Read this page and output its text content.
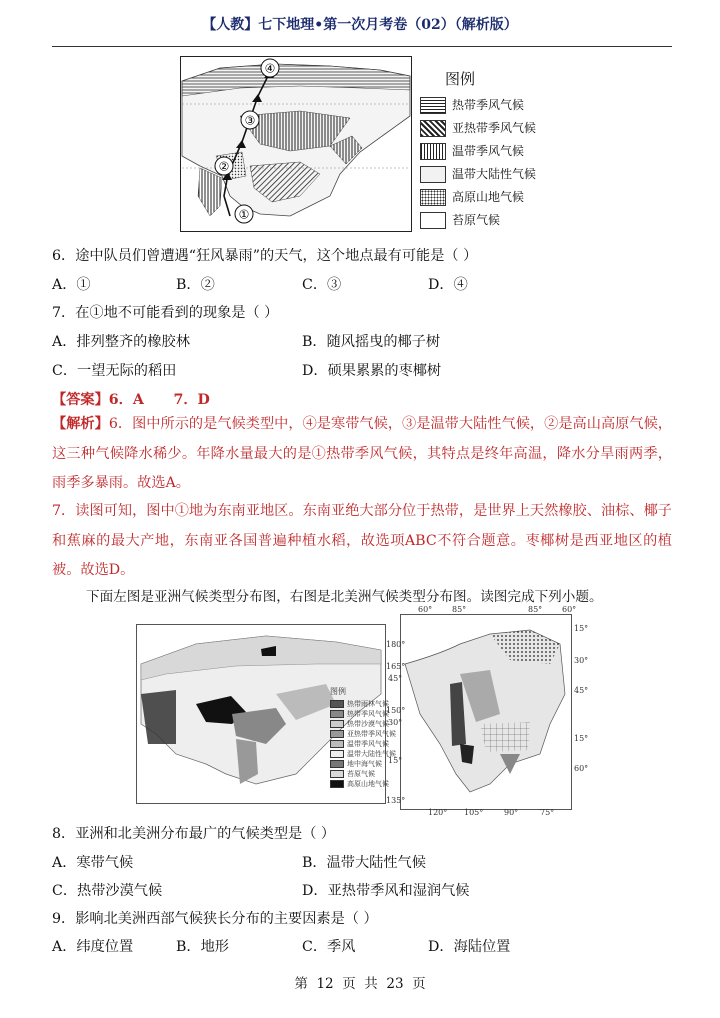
【人教】七下地理•第一次月考卷（02）（解析版）
④
③
②
①
图例
热带季风气候
亚热带季风气候
温带季风气候
温带大陆性气候
高原山地气候
苔原气候
6．途中队员们曾遭遇“狂风暴雨”的天气，这个地点最有可能是（ ）
A．①	B．②	C．③	D．④
7．在①地不可能看到的现象是（ ）
A．排列整齐的橡胶林	B．随风摇曳的椰子树
C．一望无际的稻田	D．硕果累累的枣椰树
【答案】6．A      7．D
【解析】6．图中所示的是气候类型中，④是寒带气候，③是温带大陆性气候，②是高山高原气候，这三种气候降水稀少。年降水量最大的是①热带季风气候，其特点是终年高温，降水分旱雨两季，雨季多暴雨。故选A。
7．读图可知，图中①地为东南亚地区。东南亚绝大部分位于热带，是世界上天然橡胶、油棕、椰子和蕉麻的最大产地，东南亚各国普遍种植水稻，故选项ABC不符合题意。枣椰树是西亚地区的植被。故选D。
下面左图是亚洲气候类型分布图，右图是北美洲气候类型分布图。读图完成下列小题。
图例
热带雨林气候
热带季风气候
热带沙漠气候
亚热带季风气候
温带季风气候
温带大陆性气候
地中海气候
苔原气候
高原山地气候
60° 85°	85° 60°
180°
165°
45°
150°
30°
15°
135°
15°
30°
45°
15°
60°
120° 105°	90°	75°
8．亚洲和北美洲分布最广的气候类型是（ ）
A．寒带气候	B．温带大陆性气候
C．热带沙漠气候	D．亚热带季风和湿润气候
9．影响北美洲西部气候狭长分布的主要因素是（ ）
A．纬度位置	B．地形	C．季风	D．海陆位置
第  12  页  共  23  页
